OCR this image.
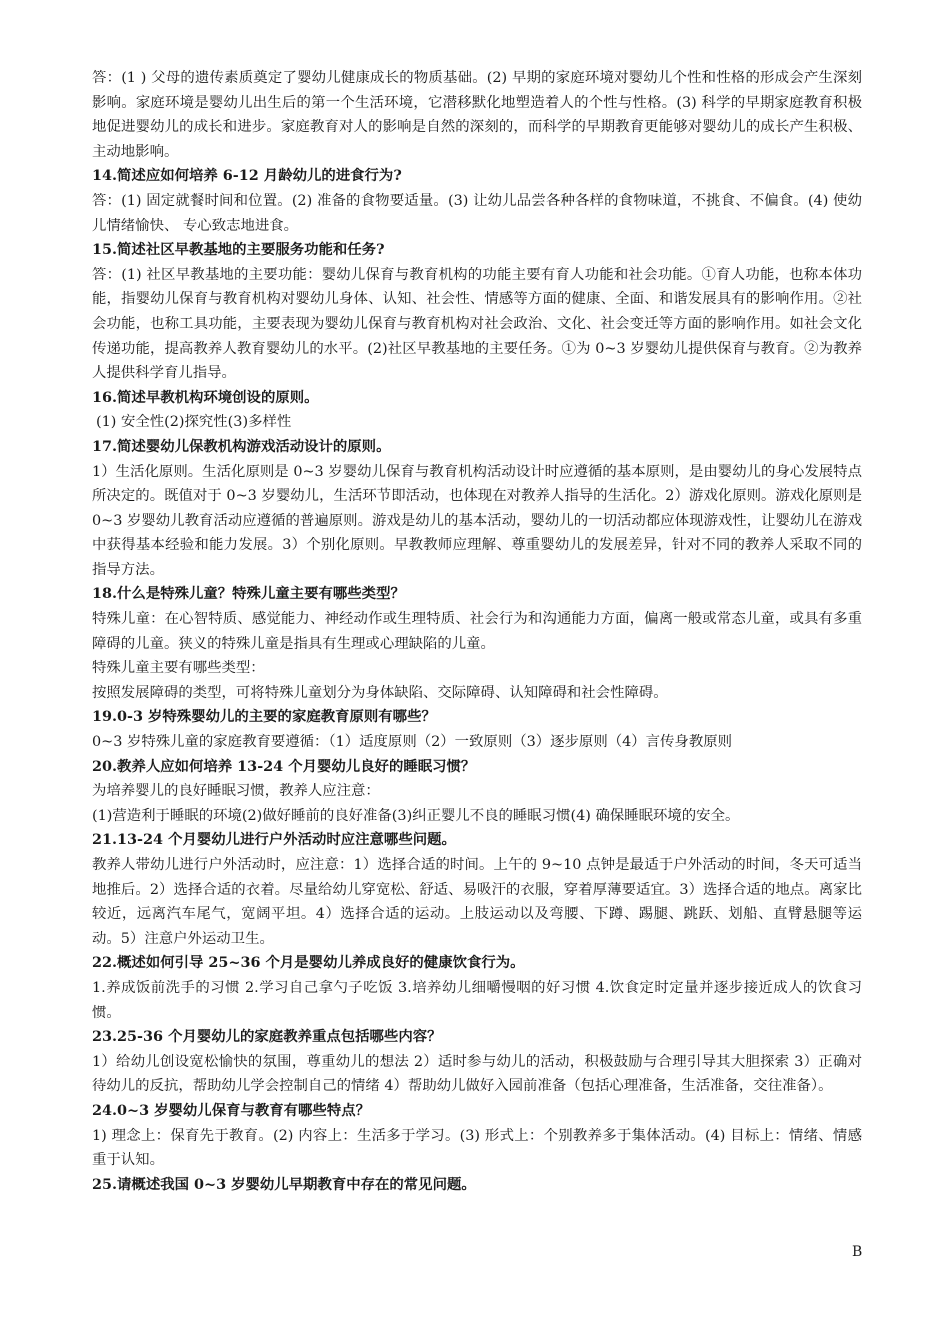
答：(1 ) 父母的遗传素质奠定了婴幼儿健康成长的物质基础。(2) 早期的家庭环境对婴幼儿个性和性格的形成会产生深刻影响。家庭环境是婴幼儿出生后的第一个生活环境，它潜移默化地塑造着人的个性与性格。(3) 科学的早期家庭教育积极地促进婴幼儿的成长和进步。家庭教育对人的影响是自然的深刻的，而科学的早期教育更能够对婴幼儿的成长产生积极、主动地影响。

14.简述应如何培养 6-12 月龄幼儿的进食行为?

答：(1) 固定就餐时间和位置。(2) 准备的食物要适量。(3) 让幼儿品尝各种各样的食物味道，不挑食、不偏食。(4) 使幼儿情绪愉快、 专心致志地进食。

15.简述社区早教基地的主要服务功能和任务?

答：(1) 社区早教基地的主要功能：婴幼儿保育与教育机构的功能主要有育人功能和社会功能。①育人功能，也称本体功能，指婴幼儿保育与教育机构对婴幼儿身体、认知、社会性、情感等方面的健康、全面、和谐发展具有的影响作用。②社会功能，也称工具功能，主要表现为婴幼儿保育与教育机构对社会政治、文化、社会变迁等方面的影响作用。如社会文化传递功能，提高教养人教育婴幼儿的水平。(2)社区早教基地的主要任务。①为 0~3 岁婴幼儿提供保育与教育。②为教养人提供科学育儿指导。

16.简述早教机构环境创设的原则。

(1) 安全性(2)探究性(3)多样性

17.简述婴幼儿保教机构游戏活动设计的原则。

1）生活化原则。生活化原则是 0~3 岁婴幼儿保育与教育机构活动设计时应遵循的基本原则，是由婴幼儿的身心发展特点所决定的。既值对于 0~3 岁婴幼儿，生活环节即活动，也体现在对教养人指导的生活化。2）游戏化原则。游戏化原则是 0~3 岁婴幼儿教育活动应遵循的普遍原则。游戏是幼儿的基本活动，婴幼儿的一切活动都应体现游戏性，让婴幼儿在游戏中获得基本经验和能力发展。3）个别化原则。早教教师应理解、尊重婴幼儿的发展差异，针对不同的教养人采取不同的指导方法。

18.什么是特殊儿童？特殊儿童主要有哪些类型？

特殊儿童：在心智特质、感觉能力、神经动作或生理特质、社会行为和沟通能力方面，偏离一般或常态儿童，或具有多重障碍的儿童。狭义的特殊儿童是指具有生理或心理缺陷的儿童。

特殊儿童主要有哪些类型：

按照发展障碍的类型，可将特殊儿童划分为身体缺陷、交际障碍、认知障碍和社会性障碍。

19.0-3 岁特殊婴幼儿的主要的家庭教育原则有哪些？

0~3 岁特殊儿童的家庭教育要遵循：（1）适度原则（2）一致原则（3）逐步原则（4）言传身教原则

20.教养人应如何培养 13-24 个月婴幼儿良好的睡眠习惯？

为培养婴儿的良好睡眠习惯，教养人应注意：

(1)营造利于睡眠的环境(2)做好睡前的良好准备(3)纠正婴儿不良的睡眠习惯(4) 确保睡眠环境的安全。

21.13-24 个月婴幼儿进行户外活动时应注意哪些问题。

教养人带幼儿进行户外活动时，应注意：1）选择合适的时间。上午的 9~10 点钟是最适于户外活动的时间，冬天可适当地推后。2）选择合适的衣着。尽量给幼儿穿宽松、舒适、易吸汗的衣服，穿着厚薄要适宜。3）选择合适的地点。离家比较近，远离汽车尾气，宽阔平坦。4）选择合适的运动。上肢运动以及弯腰、下蹲、踢腿、跳跃、划船、直臂悬腿等运动。5）注意户外运动卫生。

22.概述如何引导 25~36 个月是婴幼儿养成良好的健康饮食行为。

1.养成饭前洗手的习惯 2.学习自己拿勺子吃饭 3.培养幼儿细嚼慢咽的好习惯 4.饮食定时定量并逐步接近成人的饮食习惯。

23.25-36 个月婴幼儿的家庭教养重点包括哪些内容？

1）给幼儿创设宽松愉快的氛围，尊重幼儿的想法 2）适时参与幼儿的活动，积极鼓励与合理引导其大胆探索 3）正确对待幼儿的反抗，帮助幼儿学会控制自己的情绪 4）帮助幼儿做好入园前准备（包括心理准备，生活准备，交往准备）。

24.0~3 岁婴幼儿保育与教育有哪些特点？

1) 理念上：保育先于教育。(2) 内容上：生活多于学习。(3) 形式上：个别教养多于集体活动。(4) 目标上：情绪、情感重于认知。

25.请概述我国 0~3 岁婴幼儿早期教育中存在的常见问题。

B
